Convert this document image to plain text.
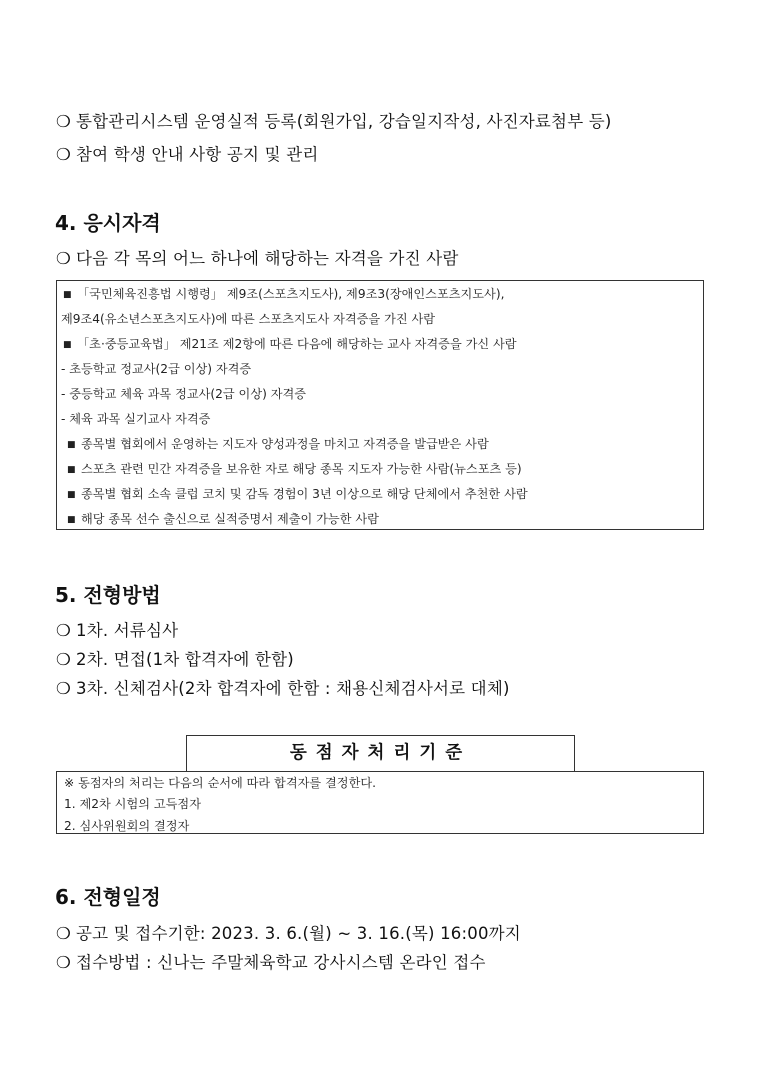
❍ 통합관리시스템 운영실적 등록(회원가입, 강습일지작성, 사진자료첨부 등)
❍ 참여 학생 안내 사항 공지 및 관리
4. 응시자격
❍ 다음 각 목의 어느 하나에 해당하는 자격을 가진 사람
■ 「국민체육진흥법 시행령」 제9조(스포츠지도사), 제9조3(장애인스포츠지도사),
제9조4(유소년스포츠지도사)에 따른 스포츠지도사 자격증을 가진 사람
■ 「초·중등교육법」 제21조 제2항에 따른 다음에 해당하는 교사 자격증을 가신 사람
- 초등학교 정교사(2급 이상) 자격증
- 중등학교 체육 과목 정교사(2급 이상) 자격증
- 체육 과목 실기교사 자격증
■ 종목별 협회에서 운영하는 지도자 양성과정을 마치고 자격증을 발급받은 사람
■ 스포츠 관련 민간 자격증을 보유한 자로 해당 종목 지도자 가능한 사람(뉴스포츠 등)
■ 종목별 협회 소속 클럽 코치 및 감독 경험이 3년 이상으로 해당 단체에서 추천한 사람
■ 해당 종목 선수 출신으로 실적증명서 제출이 가능한 사람
5. 전형방법
❍ 1차. 서류심사
❍ 2차. 면접(1차 합격자에 한함)
❍ 3차. 신체검사(2차 합격자에 한함 : 채용신체검사서로 대체)
동점자처리기준
※ 동점자의 처리는 다음의 순서에 따라 합격자를 결정한다.
1. 제2차 시험의 고득점자
2. 심사위원회의 결정자
6. 전형일정
❍ 공고 및 접수기한: 2023. 3. 6.(월) ~ 3. 16.(목) 16:00까지
❍ 접수방법 : 신나는 주말체육학교 강사시스템 온라인 접수
